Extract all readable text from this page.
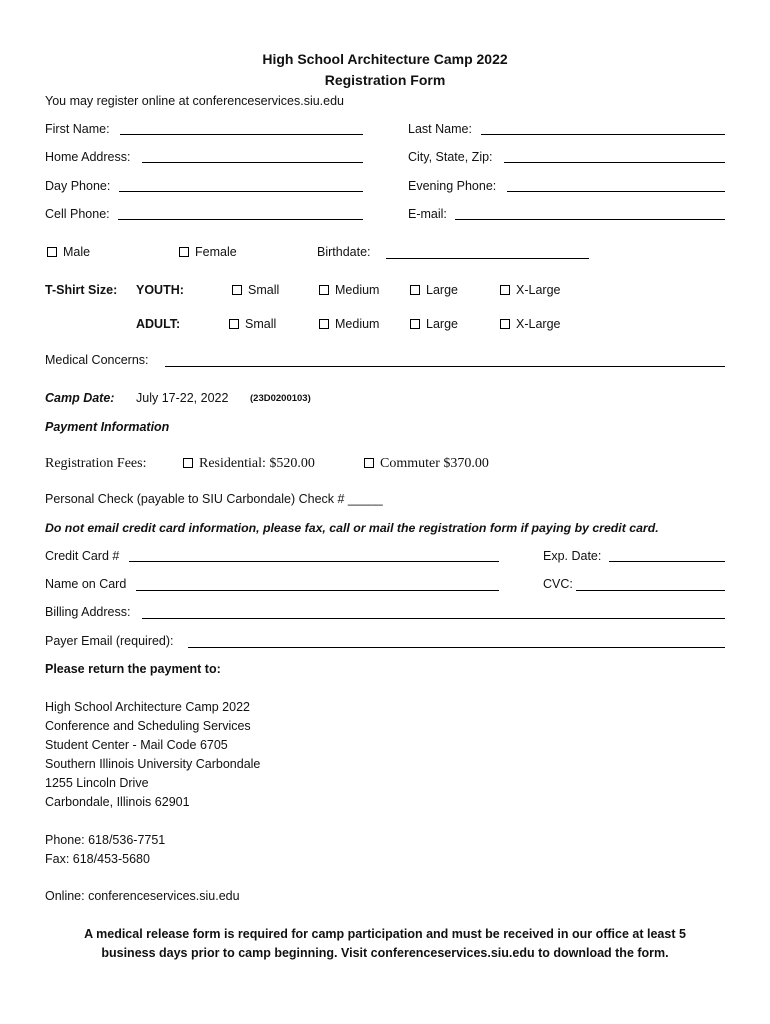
High School Architecture Camp 2022
Registration Form
You may register online at conferenceservices.siu.edu
First Name:	Last Name:
Home Address:	City, State, Zip:
Day Phone:	Evening Phone:
Cell Phone:	E-mail:
Male	Female	Birthdate:
T-Shirt Size: YOUTH:	Small	Medium	Large	X-Large
ADULT:	Small	Medium	Large	X-Large
Medical Concerns:
Camp Date: July 17-22, 2022 (23D0200103)
Payment Information
Registration Fees:	Residential: $520.00	Commuter $370.00
Personal Check (payable to SIU Carbondale) Check # _____
Do not email credit card information, please fax, call or mail the registration form if paying by credit card.
Credit Card #	Exp. Date:
Name on Card	CVC:
Billing Address:
Payer Email (required):
Please return the payment to:
High School Architecture Camp 2022
Conference and Scheduling Services
Student Center - Mail Code 6705
Southern Illinois University Carbondale
1255 Lincoln Drive
Carbondale, Illinois 62901
Phone: 618/536-7751
Fax: 618/453-5680
Online: conferenceservices.siu.edu
A medical release form is required for camp participation and must be received in our office at least 5
business days prior to camp beginning. Visit conferenceservices.siu.edu to download the form.
